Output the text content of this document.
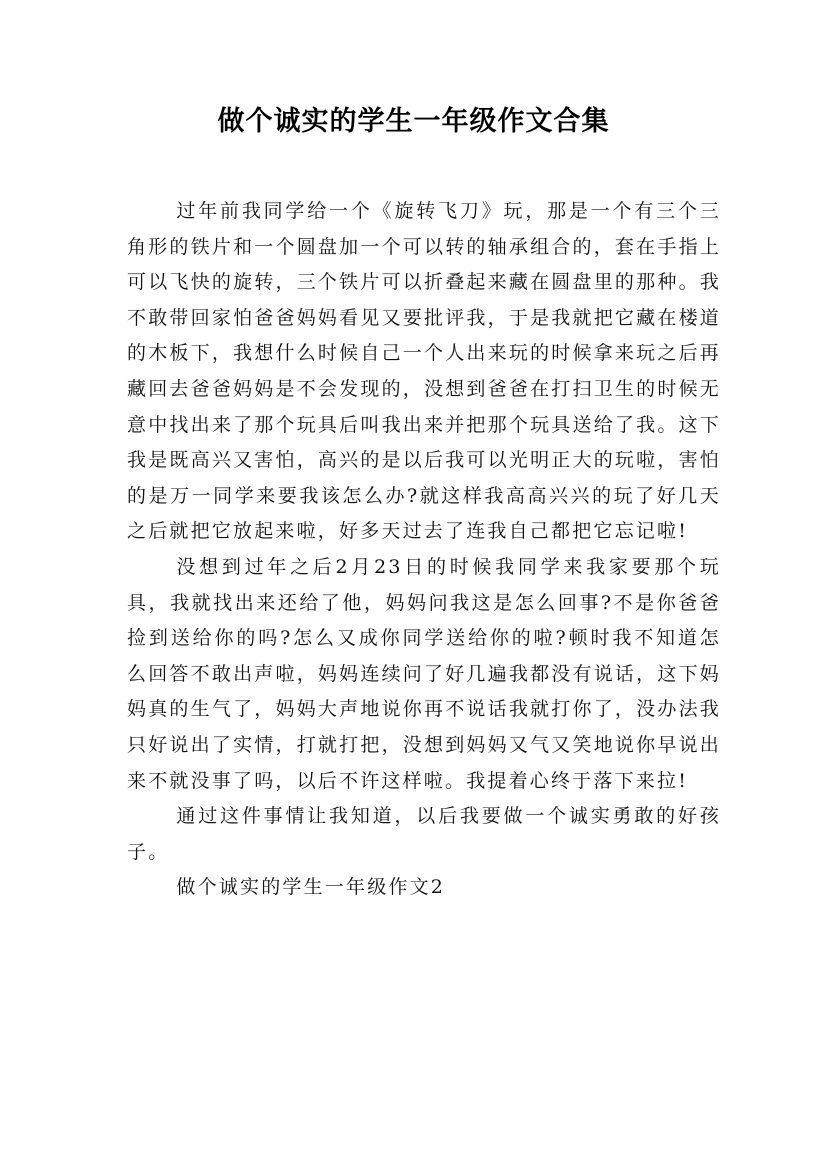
做个诚实的学生一年级作文合集

过年前我同学给一个《旋转飞刀》玩，那是一个有三个三角形的铁片和一个圆盘加一个可以转的轴承组合的，套在手指上可以飞快的旋转，三个铁片可以折叠起来藏在圆盘里的那种。我不敢带回家怕爸爸妈妈看见又要批评我，于是我就把它藏在楼道的木板下，我想什么时候自己一个人出来玩的时候拿来玩之后再藏回去爸爸妈妈是不会发现的，没想到爸爸在打扫卫生的时候无意中找出来了那个玩具后叫我出来并把那个玩具送给了我。这下我是既高兴又害怕，高兴的是以后我可以光明正大的玩啦，害怕的是万一同学来要我该怎么办?就这样我高高兴兴的玩了好几天之后就把它放起来啦，好多天过去了连我自己都把它忘记啦!

没想到过年之后2月23日的时候我同学来我家要那个玩具，我就找出来还给了他，妈妈问我这是怎么回事?不是你爸爸捡到送给你的吗?怎么又成你同学送给你的啦?顿时我不知道怎么回答不敢出声啦，妈妈连续问了好几遍我都没有说话，这下妈妈真的生气了，妈妈大声地说你再不说话我就打你了，没办法我只好说出了实情，打就打把，没想到妈妈又气又笑地说你早说出来不就没事了吗，以后不许这样啦。我提着心终于落下来拉!

通过这件事情让我知道，以后我要做一个诚实勇敢的好孩子。

做个诚实的学生一年级作文2
